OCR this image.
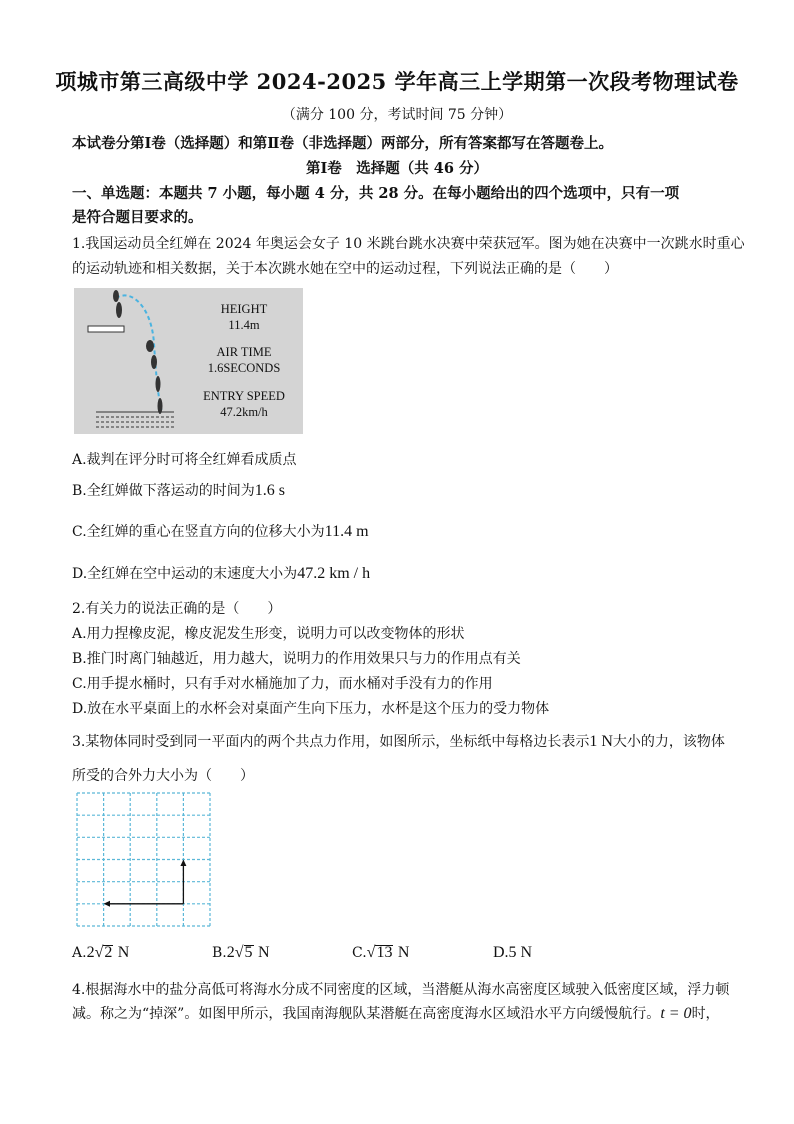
项城市第三高级中学 2024-2025 学年高三上学期第一次段考物理试卷
（满分 100 分，考试时间 75 分钟）
本试卷分第Ⅰ卷（选择题）和第Ⅱ卷（非选择题）两部分，所有答案都写在答题卷上。
第Ⅰ卷　选择题（共 46 分）
一、单选题：本题共 7 小题，每小题 4 分，共 28 分。在每小题给出的四个选项中，只有一项
是符合题目要求的。
1.我国运动员全红婵在 2024 年奥运会女子 10 米跳台跳水决赛中荣获冠军。图为她在决赛中一次跳水时重心
的运动轨迹和相关数据，关于本次跳水她在空中的运动过程，下列说法正确的是（　　）
HEIGHT
11.4m
AIR TIME
1.6SECONDS
ENTRY SPEED
47.2km/h
A.裁判在评分时可将全红婵看成质点
B.全红婵做下落运动的时间为1.6 s
C.全红婵的重心在竖直方向的位移大小为11.4 m
D.全红婵在空中运动的末速度大小为47.2 km / h
2.有关力的说法正确的是（　　）
A.用力捏橡皮泥，橡皮泥发生形变，说明力可以改变物体的形状
B.推门时离门轴越近，用力越大，说明力的作用效果只与力的作用点有关
C.用手提水桶时，只有手对水桶施加了力，而水桶对手没有力的作用
D.放在水平桌面上的水杯会对桌面产生向下压力，水杯是这个压力的受力物体
3.某物体同时受到同一平面内的两个共点力作用，如图所示，坐标纸中每格边长表示1 N大小的力，该物体
所受的合外力大小为（　　）
A.2√2 N	B.2√5 N	C.√13 N	D.5 N
4.根据海水中的盐分高低可将海水分成不同密度的区域，当潜艇从海水高密度区域驶入低密度区域，浮力顿
减。称之为“掉深”。如图甲所示，我国南海舰队某潜艇在高密度海水区域沿水平方向缓慢航行。t = 0时，
